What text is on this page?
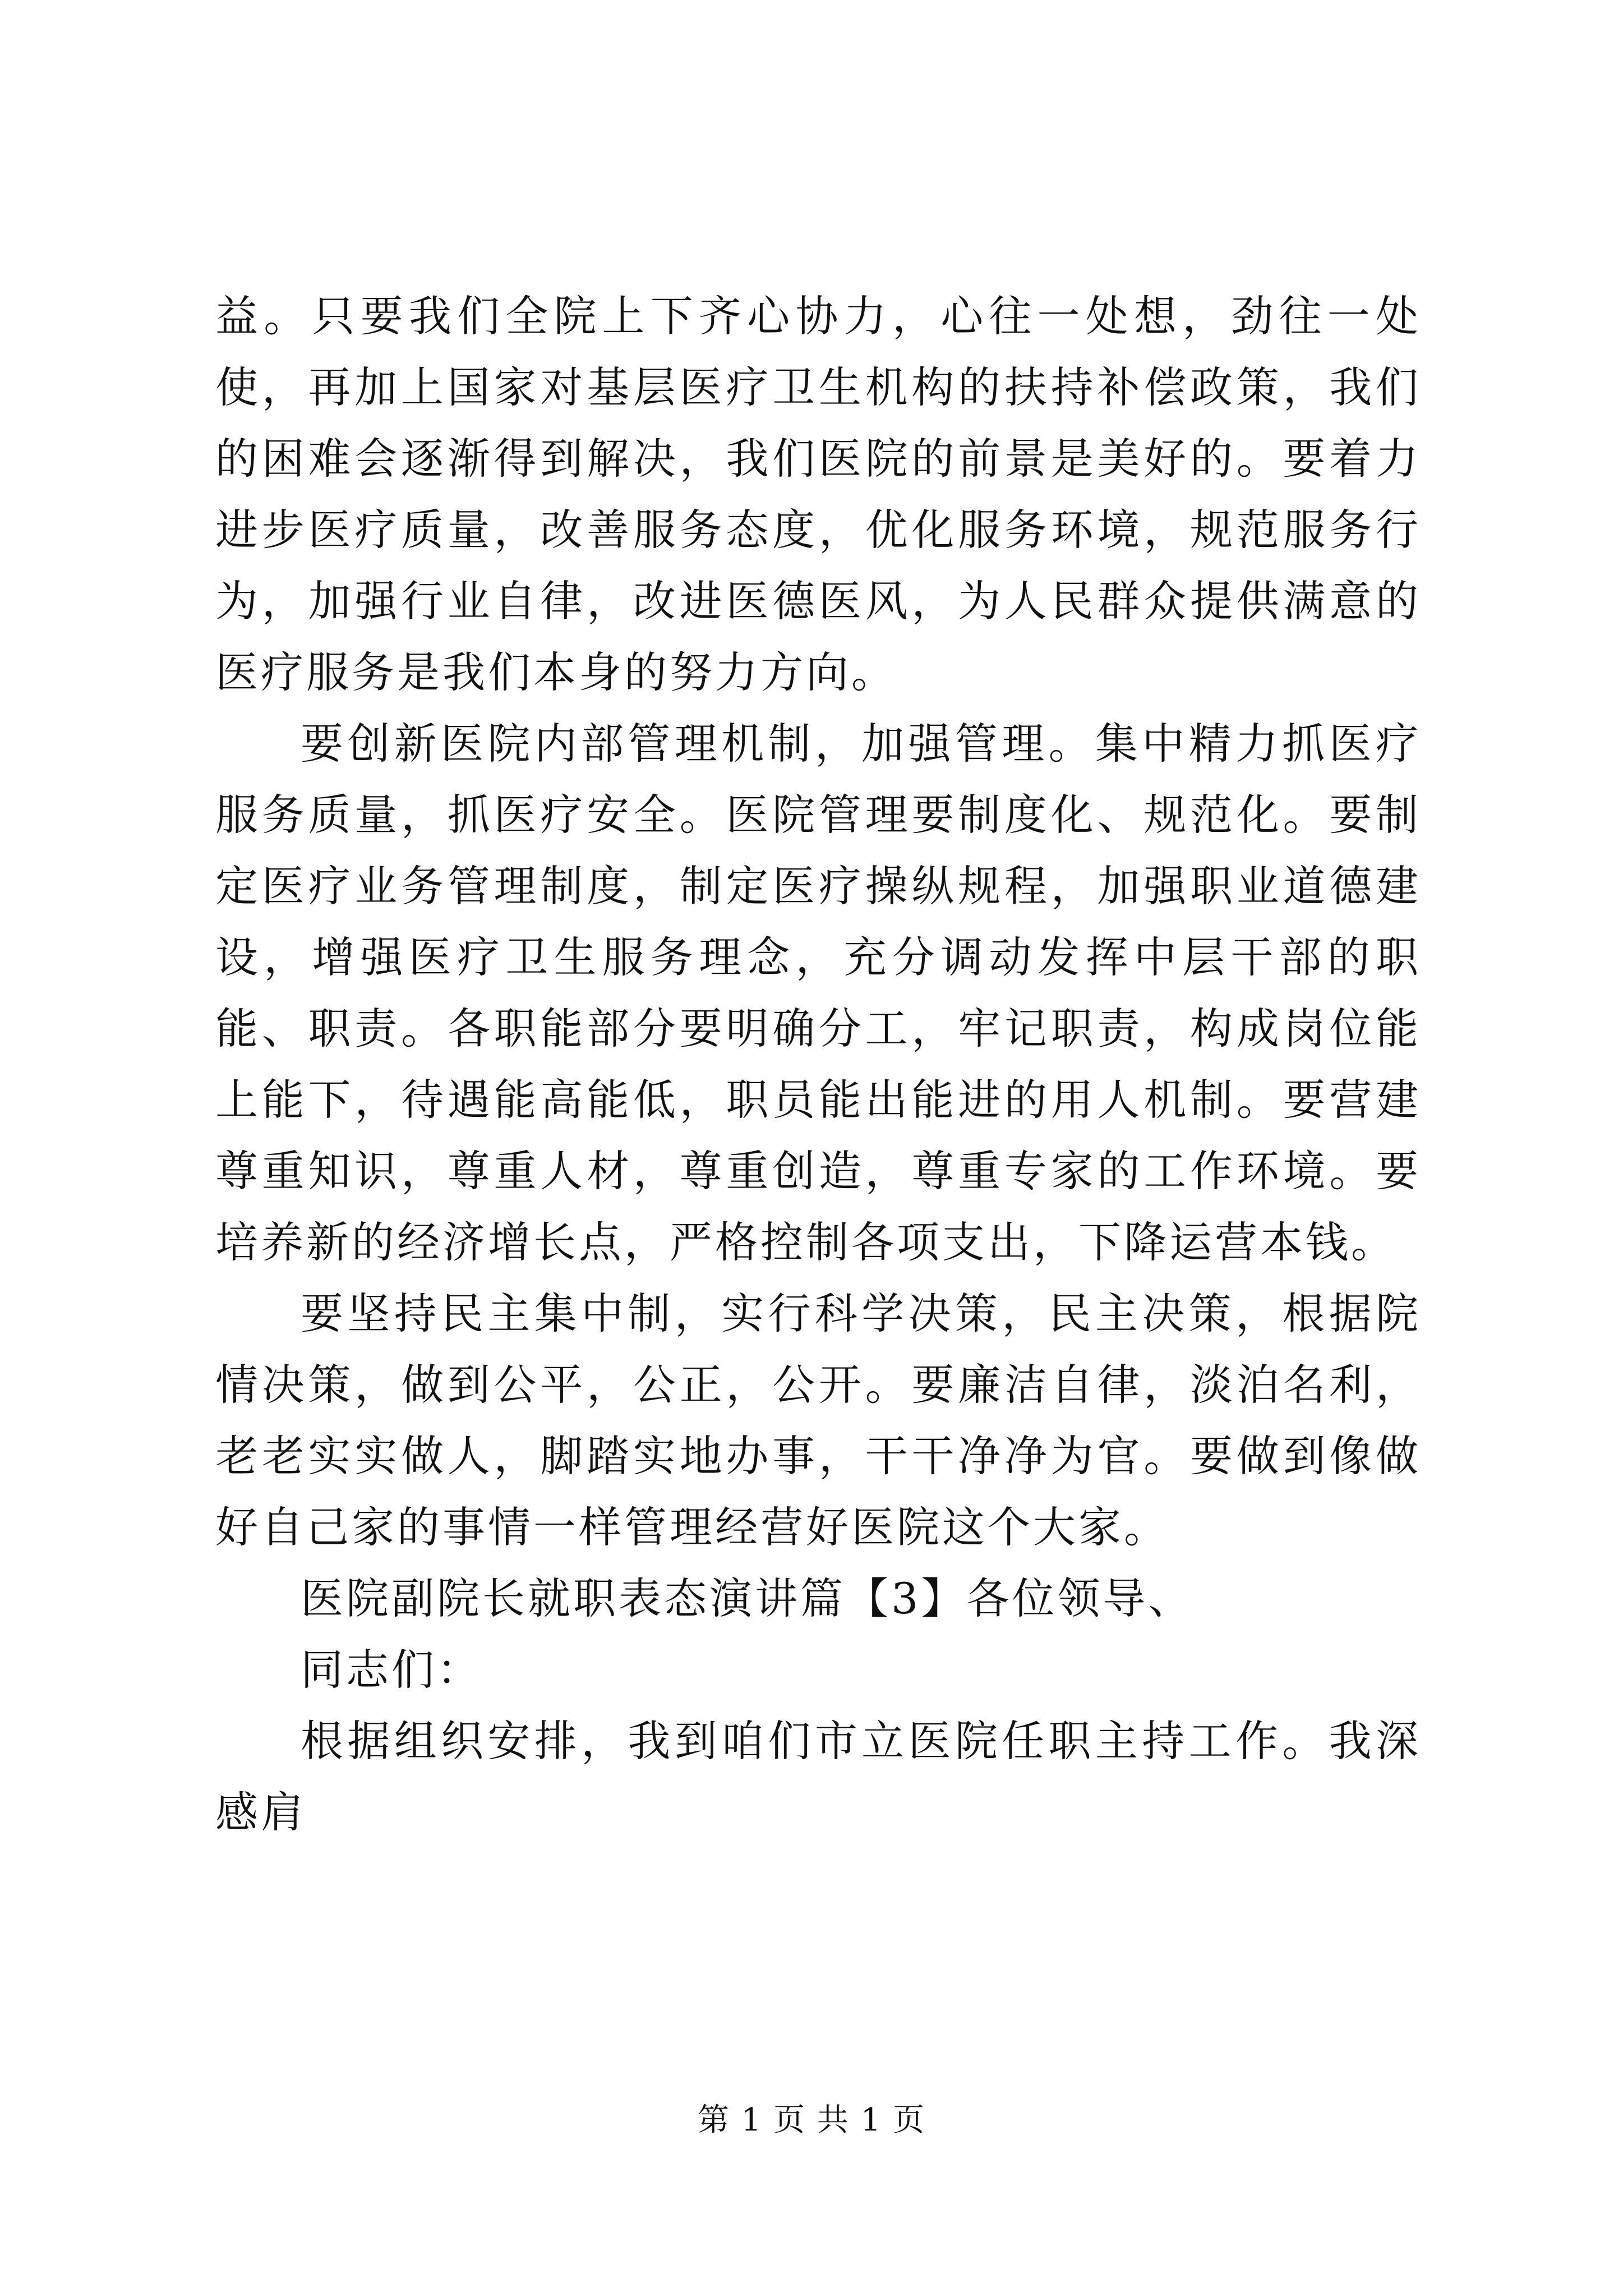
益。只要我们全院上下齐心协力，心往一处想，劲往一处使，再加上国家对基层医疗卫生机构的扶持补偿政策，我们的困难会逐渐得到解决，我们医院的前景是美好的。要着力进步医疗质量，改善服务态度，优化服务环境，规范服务行为，加强行业自律，改进医德医风，为人民群众提供满意的医疗服务是我们本身的努力方向。

要创新医院内部管理机制，加强管理。集中精力抓医疗服务质量，抓医疗安全。医院管理要制度化、规范化。要制定医疗业务管理制度，制定医疗操纵规程，加强职业道德建设，增强医疗卫生服务理念，充分调动发挥中层干部的职能、职责。各职能部分要明确分工，牢记职责，构成岗位能上能下，待遇能高能低，职员能出能进的用人机制。要营建尊重知识，尊重人材，尊重创造，尊重专家的工作环境。要培养新的经济增长点，严格控制各项支出，下降运营本钱。

要坚持民主集中制，实行科学决策，民主决策，根据院情决策，做到公平，公正，公开。要廉洁自律，淡泊名利，老老实实做人，脚踏实地办事，干干净净为官。要做到像做好自己家的事情一样管理经营好医院这个大家。

医院副院长就职表态演讲篇【3】各位领导、

同志们：

根据组织安排，我到咱们市立医院任职主持工作。我深感肩

第 1 页 共 1 页
